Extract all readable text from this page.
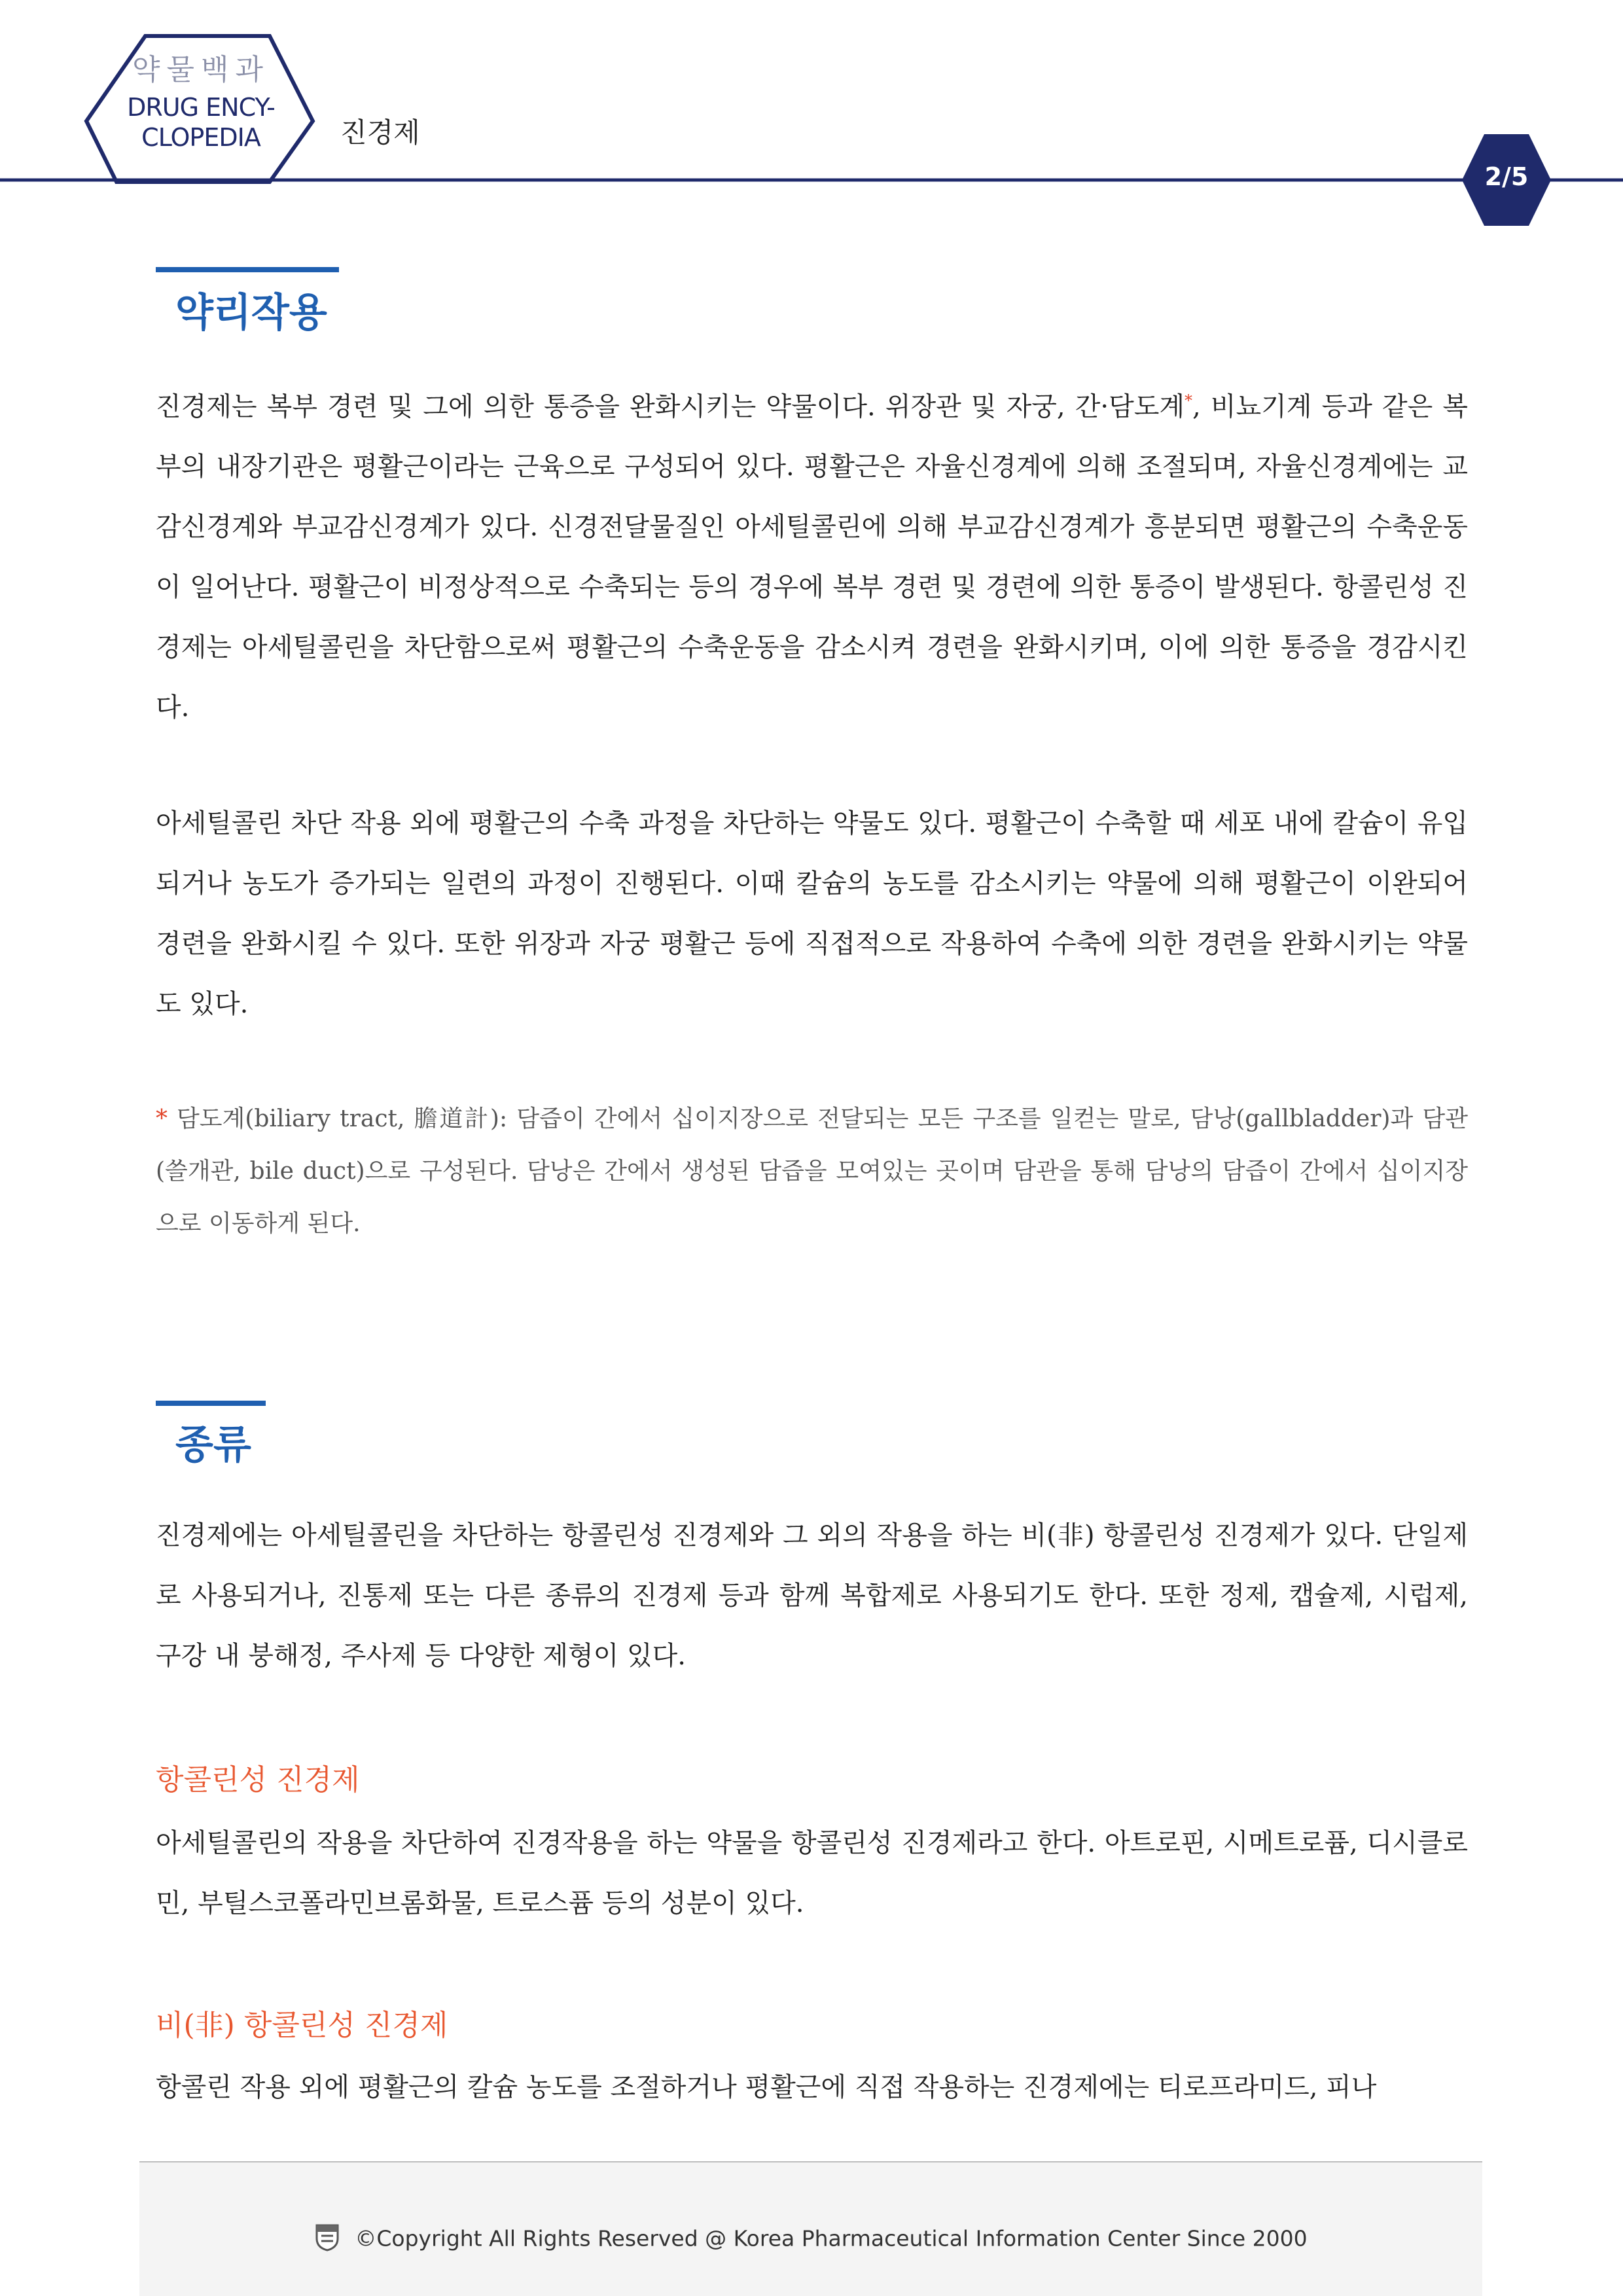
약물백과
DRUG ENCY-
CLOPEDIA	진경제
2/5
약리작용
진경제는 복부 경련 및 그에 의한 통증을 완화시키는 약물이다. 위장관 및 자궁, 간·담도계*, 비뇨기계 등과 같은 복부의 내장기관은 평활근이라는 근육으로 구성되어 있다. 평활근은 자율신경계에 의해 조절되며, 자율신경계에는 교감신경계와 부교감신경계가 있다. 신경전달물질인 아세틸콜린에 의해 부교감신경계가 흥분되면 평활근의 수축운동이 일어난다. 평활근이 비정상적으로 수축되는 등의 경우에 복부 경련 및 경련에 의한 통증이 발생된다. 항콜린성 진경제는 아세틸콜린을 차단함으로써 평활근의 수축운동을 감소시켜 경련을 완화시키며, 이에 의한 통증을 경감시킨다.
아세틸콜린 차단 작용 외에 평활근의 수축 과정을 차단하는 약물도 있다. 평활근이 수축할 때 세포 내에 칼슘이 유입되거나 농도가 증가되는 일련의 과정이 진행된다. 이때 칼슘의 농도를 감소시키는 약물에 의해 평활근이 이완되어 경련을 완화시킬 수 있다. 또한 위장과 자궁 평활근 등에 직접적으로 작용하여 수축에 의한 경련을 완화시키는 약물도 있다.
* 담도계(biliary tract, 膽道計): 담즙이 간에서 십이지장으로 전달되는 모든 구조를 일컫는 말로, 담낭(gallbladder)과 담관(쓸개관, bile duct)으로 구성된다. 담낭은 간에서 생성된 담즙을 모여있는 곳이며 담관을 통해 담낭의 담즙이 간에서 십이지장으로 이동하게 된다.
종류
진경제에는 아세틸콜린을 차단하는 항콜린성 진경제와 그 외의 작용을 하는 비(非) 항콜린성 진경제가 있다. 단일제로 사용되거나, 진통제 또는 다른 종류의 진경제 등과 함께 복합제로 사용되기도 한다. 또한 정제, 캡슐제, 시럽제, 구강 내 붕해정, 주사제 등 다양한 제형이 있다.
항콜린성 진경제
아세틸콜린의 작용을 차단하여 진경작용을 하는 약물을 항콜린성 진경제라고 한다. 아트로핀, 시메트로퓸, 디시클로민, 부틸스코폴라민브롬화물, 트로스퓸 등의 성분이 있다.
비(非) 항콜린성 진경제
항콜린 작용 외에 평활근의 칼슘 농도를 조절하거나 평활근에 직접 작용하는 진경제에는 티로프라미드, 피나
©Copyright All Rights Reserved @ Korea Pharmaceutical Information Center Since 2000
